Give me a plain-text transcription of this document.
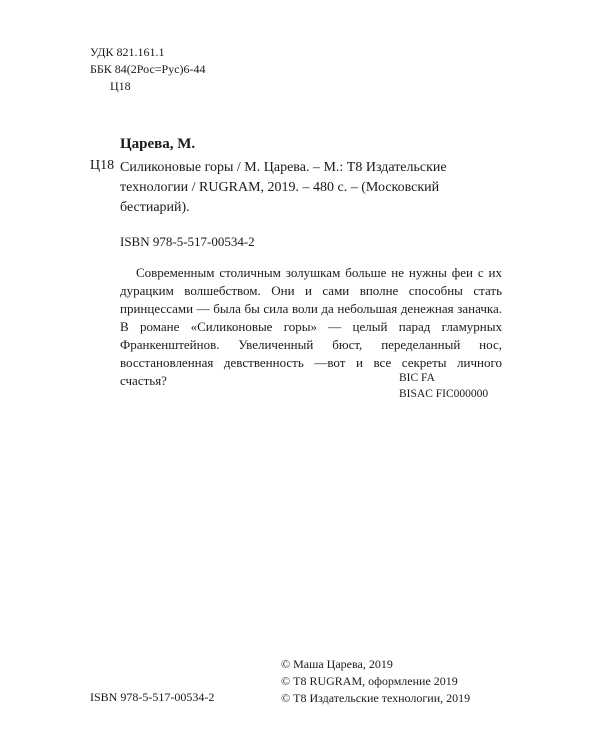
УДК 821.161.1
ББК 84(2Рос=Рус)6-44
Ц18
Царева, М.
Ц18 Силиконовые горы / М. Царева. – М.: Т8 Издательские технологии / RUGRAM, 2019. – 480 с. – (Московский бестиарий).
ISBN 978-5-517-00534-2
Современным столичным золушкам больше не нужны феи с их дурацким волшебством. Они и сами вполне способны стать принцессами — была бы сила воли да небольшая денежная заначка. В романе «Силиконовые горы» — целый парад гламурных Франкенштейнов. Увеличенный бюст, переделанный нос, восстановленная девственность —вот и все секреты личного счастья?	BIC FA
BISAC FIC000000
© Маша Царева, 2019
© Т8 RUGRAM, оформление 2019
© Т8 Издательские технологии, 2019
ISBN 978-5-517-00534-2
